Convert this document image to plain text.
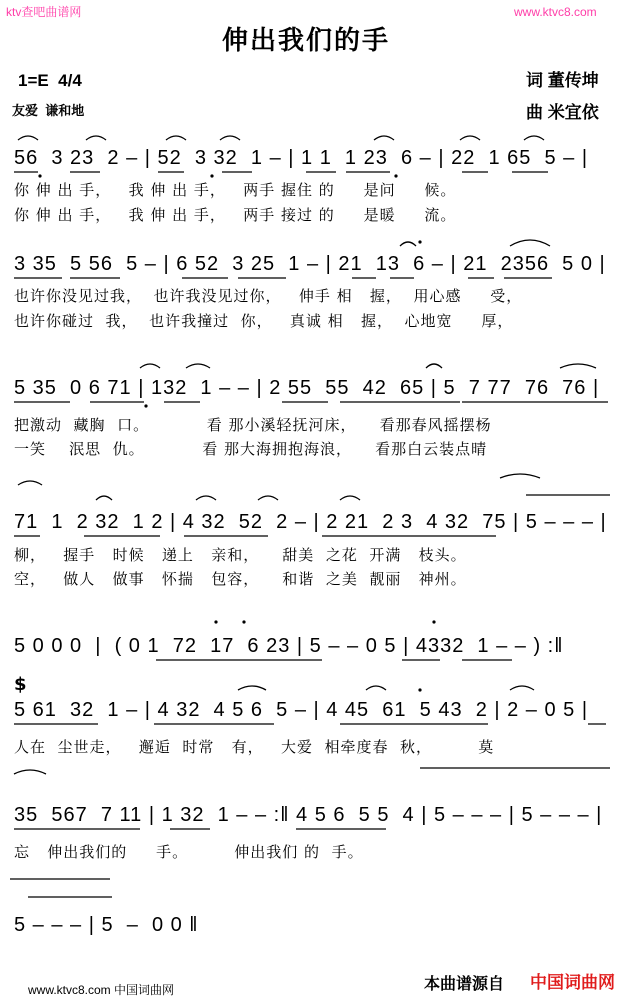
ktv查吧曲谱网	www.ktvc8.com
伸出我们的手
1=E  4/4	词 董传坤
友爱  谦和地	曲 米宜依
56  3 23  2 – | 52  3 32  1 – | 1 1  1 23  6 – | 22  1 65  5 – |
你 伸 出 手，   我 伸 出 手，   两手 握住 的     是问     候。
你 伸 出 手，   我 伸 出 手，   两手 接过 的     是暖     流。
3 35  5 56  5 – | 6 52  3 25  1 – | 21  13  6 – | 21  2356  5 0 |
也许你没见过我，  也许我没见过你，   伸手 相   握，  用心感     受，
也许你碰过  我，  也许我撞过  你，   真诚 相   握，  心地宽     厚，
5 35  0 6 71 | 132  1 – – | 2 55  55  42  65 | 5  7 77  76  76 |
把激动  藏胸  口。          看 那小溪轻抚河床，    看那春风摇摆杨
一笑    泯思  仇。          看 那大海拥抱海浪，    看那白云装点晴
71  1  2 32  1 2 | 4 32  52  2 – | 2 21  2 3  4 32  75 | 5 – – – |
柳，   握手   时候   递上   亲和，    甜美  之花  开满   枝头。
空，   做人   做事   怀揣   包容，    和谐  之美  靓丽   神州。
5 0 0 0  |  ( 0 1  72  17  6 23 | 5 – – 0 5 | 4332  1 – – ) :‖
$
5 61  32  1 – | 4 32  4 5 6  5 – | 4 45  61  5 43  2 | 2 – 0 5 |
人在  尘世走，   邂逅  时常   有，   大爱  相牵度春  秋，        莫
35  567  7 11 | 1 32  1 – – :‖ 4 5 6  5 5  4 | 5 – – – | 5 – – – |
忘   伸出我们的     手。        伸出我们 的  手。
5 – – – | 5  –  0 0 ‖
本曲谱源自 中国词曲网
www.ktvc8.com 中国词曲网
